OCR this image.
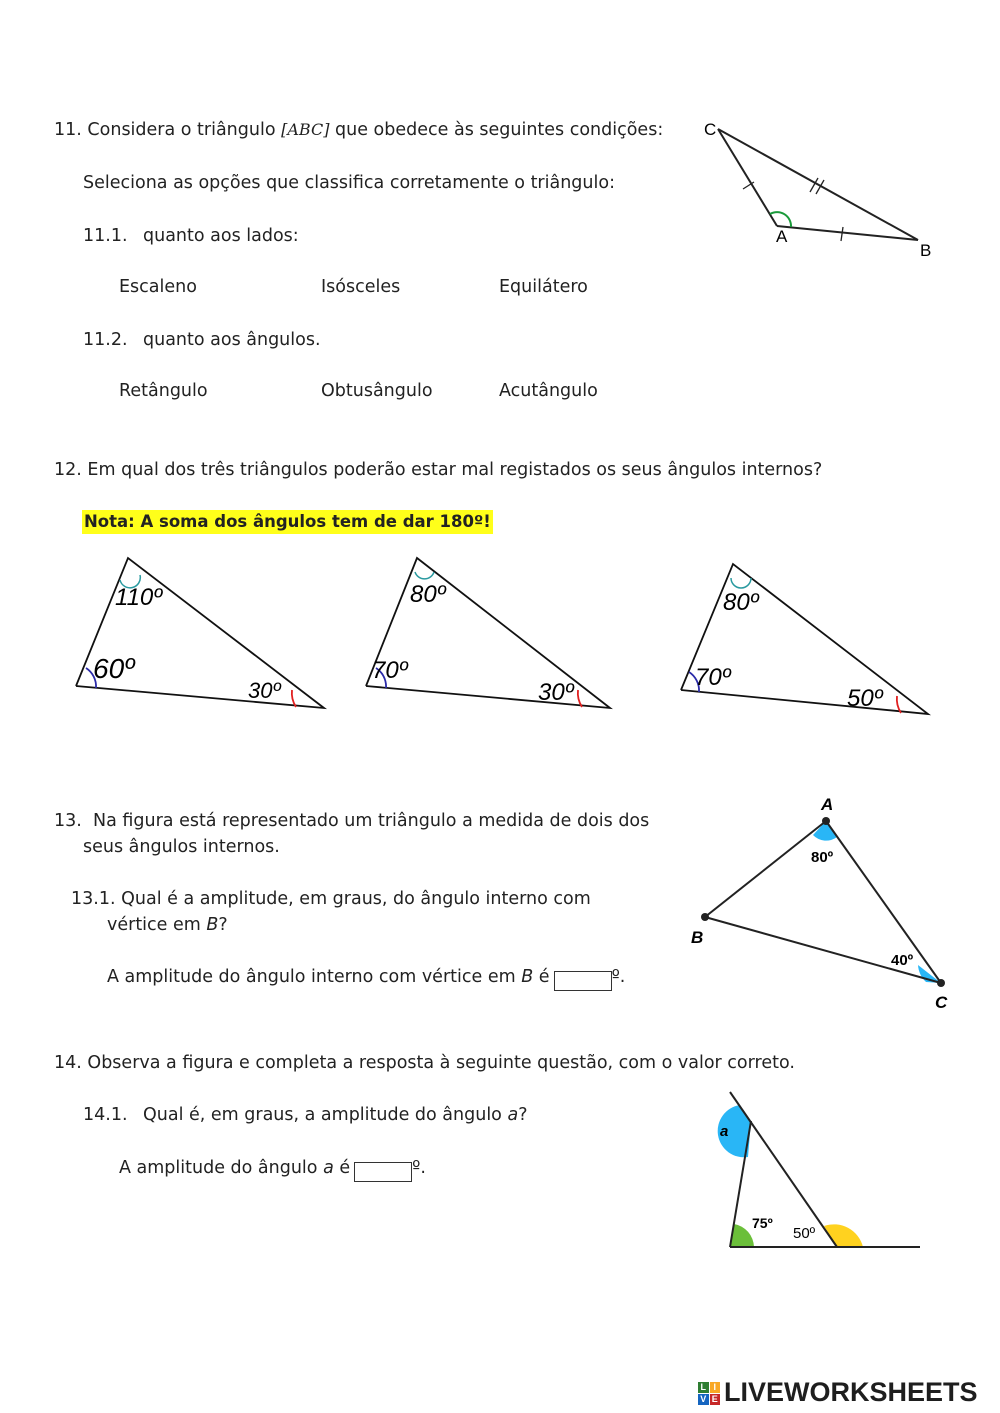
11. Considera o triângulo [ABC] que obedece às seguintes condições:
Seleciona as opções que classifica corretamente o triângulo:
11.1. quanto aos lados:
Escaleno	Isósceles	Equilátero
11.2. quanto aos ângulos.
Retângulo	Obtusângulo	Acutângulo
C
A
B
12. Em qual dos três triângulos poderão estar mal registados os seus ângulos internos?
Nota: A soma dos ângulos tem de dar 180º!
110º
60º
30º
80º
70º
30º
80º
70º
50º
13. Na figura está representado um triângulo a medida de dois dos
seus ângulos internos.
13.1. Qual é a amplitude, em graus, do ângulo interno com
vértice em B?
A amplitude do ângulo interno com vértice em B é	º.
A
B
C
80º
40º
14. Observa a figura e completa a resposta à seguinte questão, com o valor correto.
14.1. Qual é, em graus, a amplitude do ângulo a?
A amplitude do ângulo a é	º.
a
75º
50º
L I
V E LIVEWORKSHEETS
